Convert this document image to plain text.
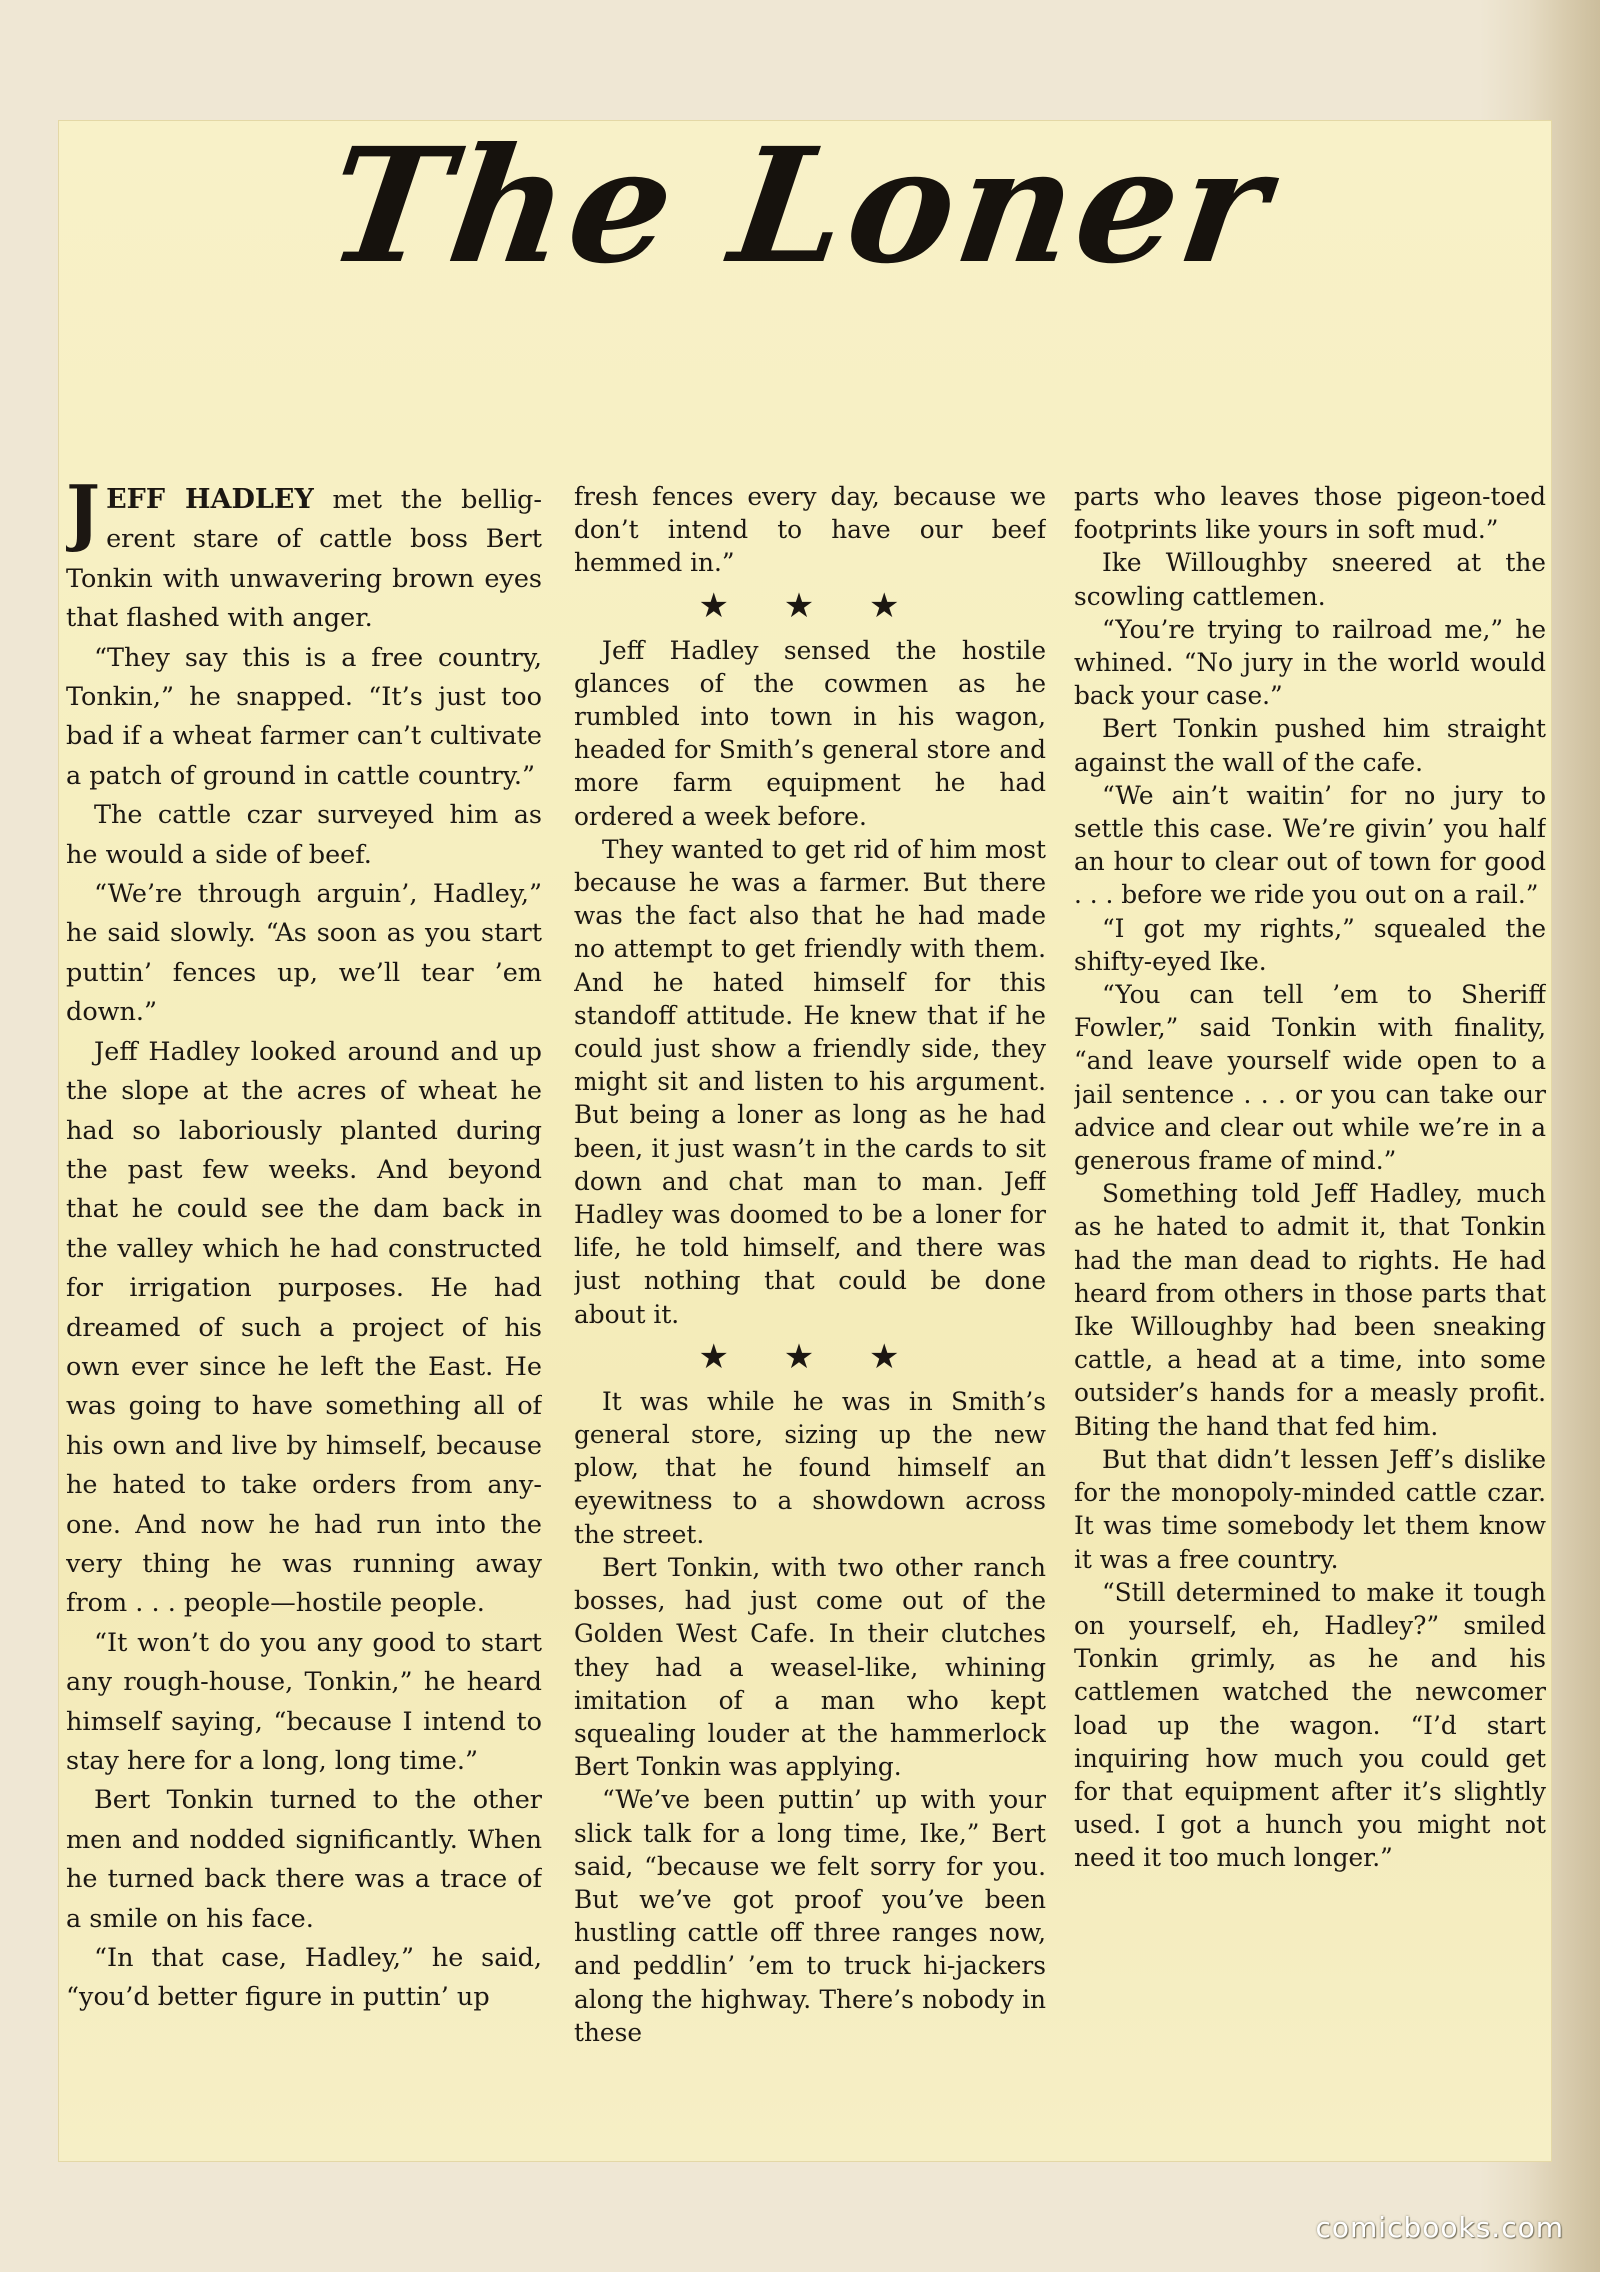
The Loner

JEFF HADLEY met the belligerent stare of cattle boss Bert Tonkin with unwavering brown eyes that flashed with anger.

“They say this is a free country, Tonkin,” he snapped. “It’s just too bad if a wheat farmer can’t cultivate a patch of ground in cattle country.”

The cattle czar surveyed him as he would a side of beef.

“We’re through arguin’, Hadley,” he said slowly. “As soon as you start puttin’ fences up, we’ll tear ’em down.”

Jeff Hadley looked around and up the slope at the acres of wheat he had so laboriously planted during the past few weeks. And beyond that he could see the dam back in the valley which he had constructed for irrigation purposes. He had dreamed of such a project of his own ever since he left the East. He was going to have something all of his own and live by himself, because he hated to take orders from anyone. And now he had run into the very thing he was running away from . . . people—hostile people.

“It won’t do you any good to start any rough-house, Tonkin,” he heard himself saying, “because I intend to stay here for a long, long time.”

Bert Tonkin turned to the other men and nodded significantly. When he turned back there was a trace of a smile on his face.

“In that case, Hadley,” he said, “you’d better figure in puttin’ up

fresh fences every day, because we don’t intend to have our beef hemmed in.”

★ ★ ★

Jeff Hadley sensed the hostile glances of the cowmen as he rumbled into town in his wagon, headed for Smith’s general store and more farm equipment he had ordered a week before.

They wanted to get rid of him most because he was a farmer. But there was the fact also that he had made no attempt to get friendly with them. And he hated himself for this standoff attitude. He knew that if he could just show a friendly side, they might sit and listen to his argument. But being a loner as long as he had been, it just wasn’t in the cards to sit down and chat man to man. Jeff Hadley was doomed to be a loner for life, he told himself, and there was just nothing that could be done about it.

★ ★ ★

It was while he was in Smith’s general store, sizing up the new plow, that he found himself an eyewitness to a showdown across the street.

Bert Tonkin, with two other ranch bosses, had just come out of the Golden West Cafe. In their clutches they had a weasel-like, whining imitation of a man who kept squealing louder at the hammerlock Bert Tonkin was applying.

“We’ve been puttin’ up with your slick talk for a long time, Ike,” Bert said, “because we felt sorry for you. But we’ve got proof you’ve been hustling cattle off three ranges now, and peddlin’ ’em to truck hi-jackers along the highway. There’s nobody in these

parts who leaves those pigeon-toed footprints like yours in soft mud.”

Ike Willoughby sneered at the scowling cattlemen.

“You’re trying to railroad me,” he whined. “No jury in the world would back your case.”

Bert Tonkin pushed him straight against the wall of the cafe.

“We ain’t waitin’ for no jury to settle this case. We’re givin’ you half an hour to clear out of town for good . . . before we ride you out on a rail.”

“I got my rights,” squealed the shifty-eyed Ike.

“You can tell ’em to Sheriff Fowler,” said Tonkin with finality, “and leave yourself wide open to a jail sentence . . . or you can take our advice and clear out while we’re in a generous frame of mind.”

Something told Jeff Hadley, much as he hated to admit it, that Tonkin had the man dead to rights. He had heard from others in those parts that Ike Willoughby had been sneaking cattle, a head at a time, into some outsider’s hands for a measly profit. Biting the hand that fed him.

But that didn’t lessen Jeff’s dislike for the monopoly-minded cattle czar. It was time somebody let them know it was a free country.

“Still determined to make it tough on yourself, eh, Hadley?” smiled Tonkin grimly, as he and his cattlemen watched the newcomer load up the wagon. “I’d start inquiring how much you could get for that equipment after it’s slightly used. I got a hunch you might not need it too much longer.”

comicbooks.com
